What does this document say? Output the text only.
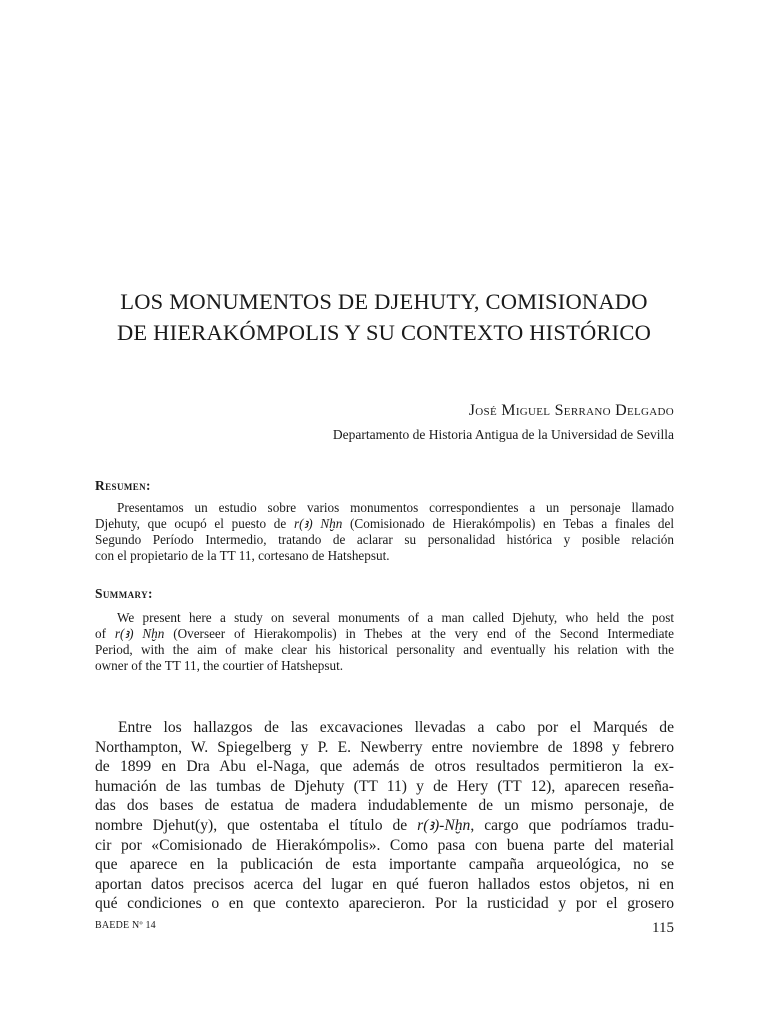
LOS MONUMENTOS DE DJEHUTY, COMISIONADO
DE HIERAKÓMPOLIS Y SU CONTEXTO HISTÓRICO
José Miguel Serrano Delgado
Departamento de Historia Antigua de la Universidad de Sevilla
Resumen:
Presentamos un estudio sobre varios monumentos correspondientes a un personaje llamado
Djehuty, que ocupó el puesto de r(ꜣ) Nḫn (Comisionado de Hierakómpolis) en Tebas a finales del
Segundo Período Intermedio, tratando de aclarar su personalidad histórica y posible relación
con el propietario de la TT 11, cortesano de Hatshepsut.
Summary:
We present here a study on several monuments of a man called Djehuty, who held the post
of r(ꜣ) Nḫn (Overseer of Hierakompolis) in Thebes at the very end of the Second Intermediate
Period, with the aim of make clear his historical personality and eventually his relation with the
owner of the TT 11, the courtier of Hatshepsut.
Entre los hallazgos de las excavaciones llevadas a cabo por el Marqués de
Northampton, W. Spiegelberg y P. E. Newberry entre noviembre de 1898 y febrero
de 1899 en Dra Abu el-Naga, que además de otros resultados permitieron la ex-
humación de las tumbas de Djehuty (TT 11) y de Hery (TT 12), aparecen reseña-
das dos bases de estatua de madera indudablemente de un mismo personaje, de
nombre Djehut(y), que ostentaba el título de r(ꜣ)-Nḫn, cargo que podríamos tradu-
cir por «Comisionado de Hierakómpolis». Como pasa con buena parte del material
que aparece en la publicación de esta importante campaña arqueológica, no se
aportan datos precisos acerca del lugar en qué fueron hallados estos objetos, ni en
qué condiciones o en que contexto aparecieron. Por la rusticidad y por el grosero
BAEDE Nº 14	115
